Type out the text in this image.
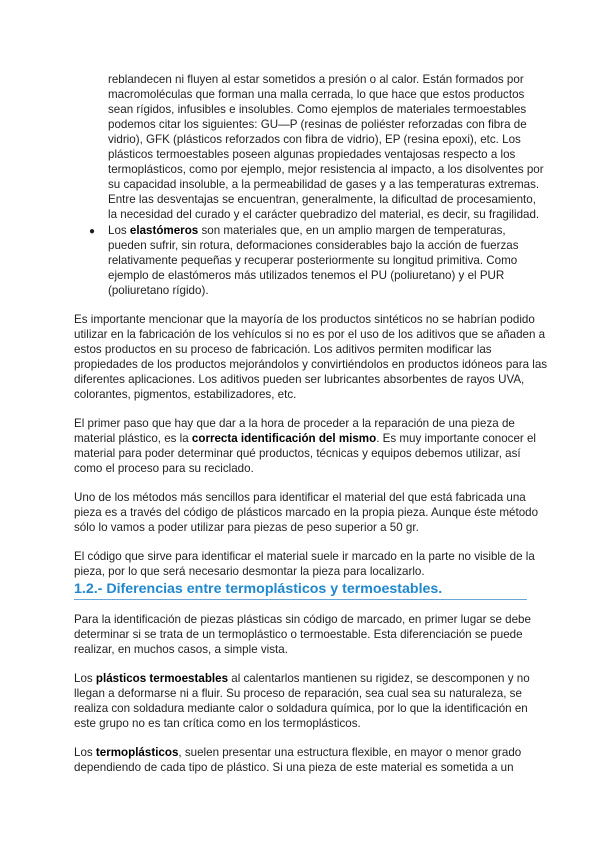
reblandecen ni fluyen al estar sometidos a presión o al calor. Están formados por
macromoléculas que forman una malla cerrada, lo que hace que estos productos
sean rígidos, infusibles e insolubles. Como ejemplos de materiales termoestables
podemos citar los siguientes: GU—P (resinas de poliéster reforzadas con fibra de
vidrio), GFK (plásticos reforzados con fibra de vidrio), EP (resina epoxi), etc. Los
plásticos termoestables poseen algunas propiedades ventajosas respecto a los
termoplásticos, como por ejemplo, mejor resistencia al impacto, a los disolventes por
su capacidad insoluble, a la permeabilidad de gases y a las temperaturas extremas.
Entre las desventajas se encuentran, generalmente, la dificultad de procesamiento,
la necesidad del curado y el carácter quebradizo del material, es decir, su fragilidad.
● Los elastómeros son materiales que, en un amplio margen de temperaturas,
pueden sufrir, sin rotura, deformaciones considerables bajo la acción de fuerzas
relativamente pequeñas y recuperar posteriormente su longitud primitiva. Como
ejemplo de elastómeros más utilizados tenemos el PU (poliuretano) y el PUR
(poliuretano rígido).
Es importante mencionar que la mayoría de los productos sintéticos no se habrían podido
utilizar en la fabricación de los vehículos si no es por el uso de los aditivos que se añaden a
estos productos en su proceso de fabricación. Los aditivos permiten modificar las
propiedades de los productos mejorándolos y convirtiéndolos en productos idóneos para las
diferentes aplicaciones. Los aditivos pueden ser lubricantes absorbentes de rayos UVA,
colorantes, pigmentos, estabilizadores, etc.
El primer paso que hay que dar a la hora de proceder a la reparación de una pieza de
material plástico, es la correcta identificación del mismo. Es muy importante conocer el
material para poder determinar qué productos, técnicas y equipos debemos utilizar, así
como el proceso para su reciclado.
Uno de los métodos más sencillos para identificar el material del que está fabricada una
pieza es a través del código de plásticos marcado en la propia pieza. Aunque éste método
sólo lo vamos a poder utilizar para piezas de peso superior a 50 gr.
El código que sirve para identificar el material suele ir marcado en la parte no visible de la
pieza, por lo que será necesario desmontar la pieza para localizarlo.
1.2.- Diferencias entre termoplásticos y termoestables.
Para la identificación de piezas plásticas sin código de marcado, en primer lugar se debe
determinar si se trata de un termoplástico o termoestable. Esta diferenciación se puede
realizar, en muchos casos, a simple vista.
Los plásticos termoestables al calentarlos mantienen su rigidez, se descomponen y no
llegan a deformarse ni a fluir. Su proceso de reparación, sea cual sea su naturaleza, se
realiza con soldadura mediante calor o soldadura química, por lo que la identificación en
este grupo no es tan crítica como en los termoplásticos.
Los termoplásticos, suelen presentar una estructura flexible, en mayor o menor grado
dependiendo de cada tipo de plástico. Si una pieza de este material es sometida a un
